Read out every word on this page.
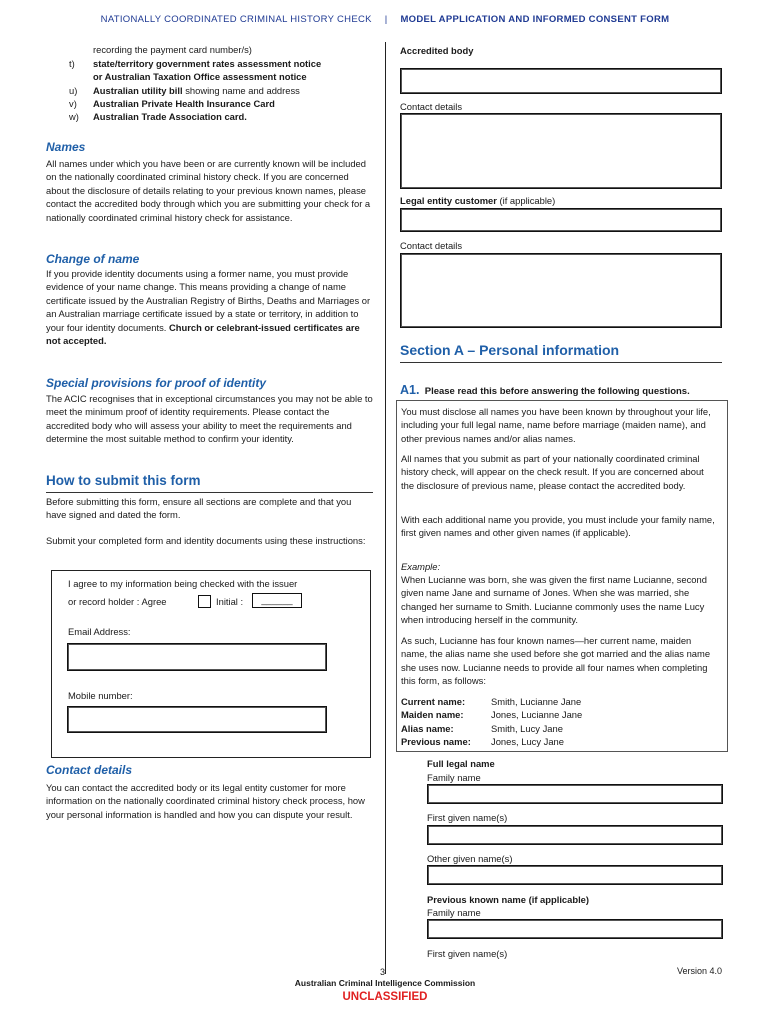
NATIONALLY COORDINATED CRIMINAL HISTORY CHECK | MODEL APPLICATION AND INFORMED CONSENT FORM
recording the payment card number/s)
t) state/territory government rates assessment notice
or Australian Taxation Office assessment notice
u) Australian utility bill showing name and address
v) Australian Private Health Insurance Card
w) Australian Trade Association card.
Names
All names under which you have been or are currently known will be included on the nationally coordinated criminal history check. If you are concerned about the disclosure of details relating to your previous known names, please contact the accredited body through which you are submitting your check for a nationally coordinated criminal history check for assistance.
Change of name
If you provide identity documents using a former name, you must provide evidence of your name change. This means providing a change of name certificate issued by the Australian Registry of Births, Deaths and Marriages or an Australian marriage certificate issued by a state or territory, in addition to your four identity documents. Church or celebrant-issued certificates are not accepted.
Special provisions for proof of identity
The ACIC recognises that in exceptional circumstances you may not be able to meet the minimum proof of identity requirements. Please contact the accredited body who will assess your ability to meet the requirements and determine the most suitable method to confirm your identity.
How to submit this form
Before submitting this form, ensure all sections are complete and that you have signed and dated the form.
Submit your completed form and identity documents using these instructions:
I agree to my information being checked with the issuer
or record holder : Agree	Initial :	______
Email Address:
Mobile number:
Contact details
You can contact the accredited body or its legal entity customer for more information on the nationally coordinated criminal history check process, how your personal information is handled and how you can dispute your result.
Accredited body
Contact details
Legal entity customer (if applicable)
Contact details
Section A – Personal information
A1. Please read this before answering the following questions.
You must disclose all names you have been known by throughout your life, including your full legal name, name before marriage (maiden name), and other previous names and/or alias names.
All names that you submit as part of your nationally coordinated criminal history check, will appear on the check result. If you are concerned about the disclosure of previous name, please contact the accredited body.
With each additional name you provide, you must include your family name, first given names and other given names (if applicable).
Example:
When Lucianne was born, she was given the first name Lucianne, second given name Jane and surname of Jones. When she was married, she changed her surname to Smith. Lucianne commonly uses the name Lucy when introducing herself in the community.
As such, Lucianne has four known names—her current name, maiden name, the alias name she used before she got married and the alias name she uses now. Lucianne needs to provide all four names when completing this form, as follows:
Current name:	Smith, Lucianne Jane
Maiden name:	Jones, Lucianne Jane
Alias name:	Smith, Lucy Jane
Previous name: Jones, Lucy Jane
Full legal name
Family name
First given name(s)
Other given name(s)
Previous known name (if applicable)
Family name
First given name(s)
3	Version 4.0
Australian Criminal Intelligence Commission
UNCLASSIFIED
